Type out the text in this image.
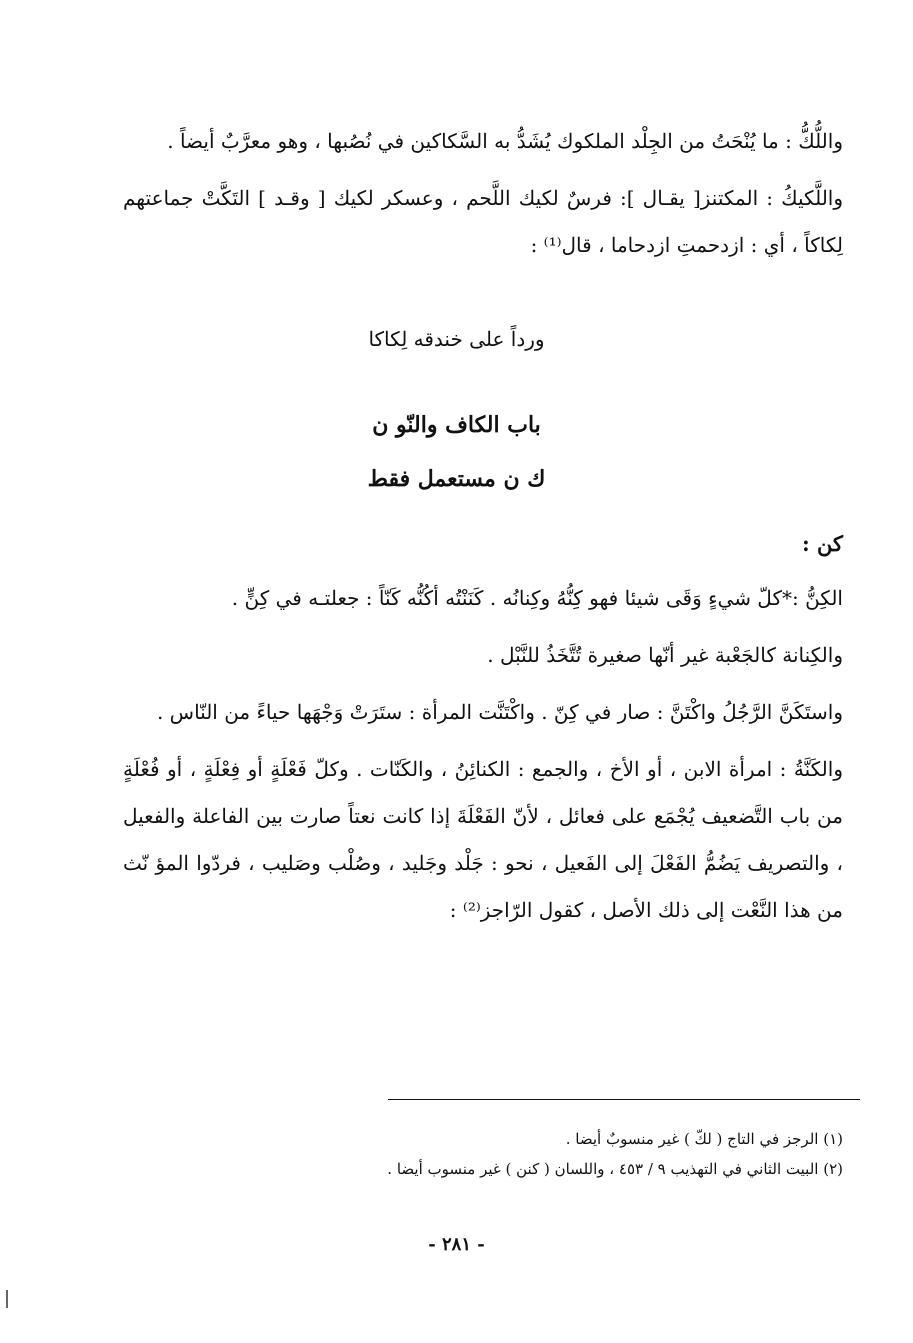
واللُّكُّ : ما يُنْحَتُ من الجِلْد الملكوك يُشَدُّ به السَّكاكين في نُصُبها ، وهو معرَّبٌ أيضاً .

واللَّكيكُ : المكتنز[ يقـال ]: فرسٌ لكيك اللَّحم ، وعسكر لكيك [ وقـد ] التَكَّتْ جماعتهم لِكاكاً ، أي : ازدحمتِ ازدحاما ، قال⁽¹⁾ :

ورداً على خندقه لِكاكا
باب الكاف والنّو ن
ك ن مستعمل فقط
كن :

الكِنُّ :*كلّ شيءٍ وَقَى شيئا فهو كِنُّهُ وكِنانُه . كَنَنْتُه أكُنُّه كَنّاً : جعلتـه في كِنٍّ .

والكِنانة كالجَعْبة غير أنّها صغيرة تُتَّخَذُ للنَّبْل .

واستَكَنَّ الرَّجُلُ واكْتَنَّ : صار في كِنّ . واكْتَنَّت المرأة : ستَرَتْ وَجْهَها حياءً من النّاس .

والكَنَّةُ : امرأة الابن ، أو الأخ ، والجمع : الكنائِنُ ، والكَنّات . وكلّ فَعْلَةٍ أو فِعْلَةٍ ، أو فُعْلَةٍ من باب التَّضعيف يُجْمَع على فعائل ، لأنّ الفَعْلَةَ إذا كانت نعتاً صارت بين الفاعلة والفعيل ، والتصريف يَضُمُّ الفَعْلَ إلى الفَعيل ، نحو : جَلْد وجَليد ، وصُلْب وصَليب ، فردّوا المؤ نّث من هذا النَّعْت إلى ذلك الأصل ، كقول الرّاجز⁽²⁾ :

(١) الرجز في التاج ( لكّ ) غير منسوبٌ أيضا .

(٢) البيت الثاني في التهذيب ٩ / ٤٥٣ ، واللسان ( كنن ) غير منسوب أيضا .

- ٢٨١ -
